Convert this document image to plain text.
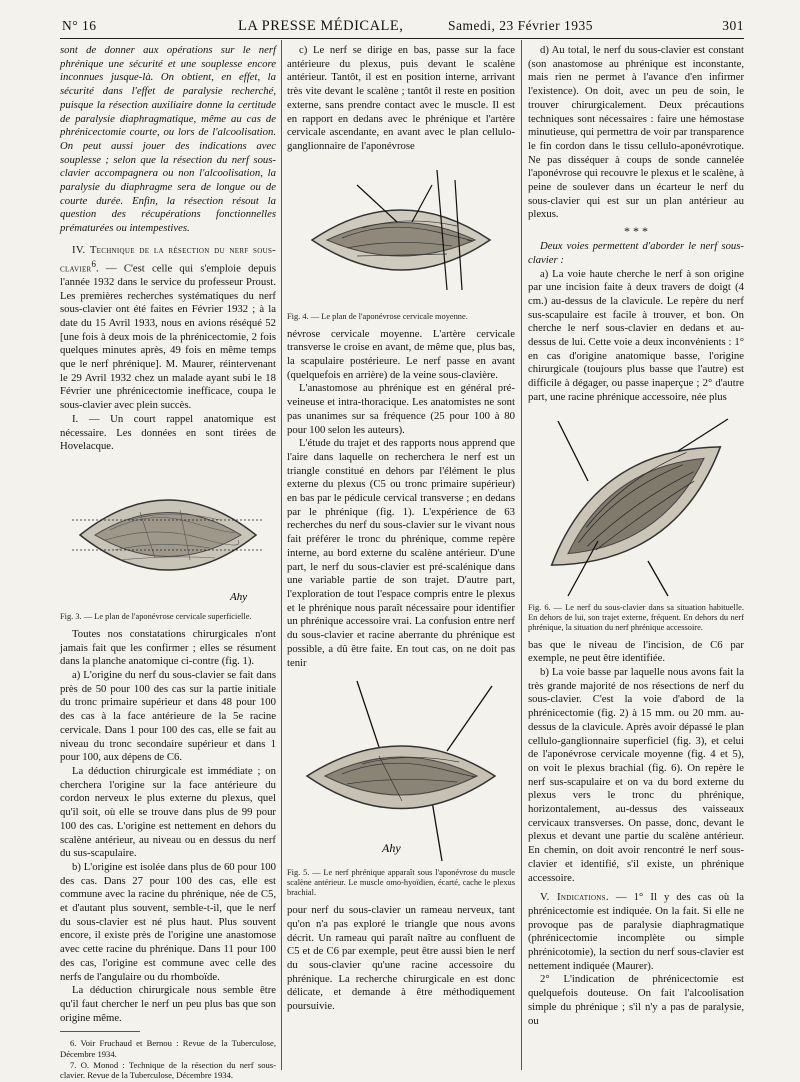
N° 16	LA PRESSE MÉDICALE,	Samedi, 23 Février 1935	301

sont de donner aux opérations sur le nerf phrénique une sécurité et une souplesse encore inconnues jusque-là. On obtient, en effet, la sécurité dans l'effet de paralysie recherché, puisque la résection auxiliaire donne la certitude de paralysie diaphragmatique, même au cas de phrénicectomie courte, ou lors de l'alcoolisation. On peut aussi jouer des indications avec souplesse ; selon que la résection du nerf sous-clavier accompagnera ou non l'alcoolisation, la paralysie du diaphragme sera de longue ou de courte durée. Enfin, la résection résout la question des récupérations fonctionnelles prématurées ou intempestives.

IV. Technique de la résection du nerf sous-clavier$^6$. — C'est celle qui s'emploie depuis l'année 1932 dans le service du professeur Proust. Les premières recherches systématiques du nerf sous-clavier ont été faites en Février 1932 ; à la date du 15 Avril 1933, nous en avions réséqué 52 [une fois à deux mois de la phrénicectomie, 2 fois quelques minutes après, 49 fois en même temps que le nerf phrénique]. M. Maurer, réintervenant le 29 Avril 1932 chez un malade ayant subi le 18 Février une phrénicectomie inefficace, coupa le sous-clavier avec plein succès.

I. — Un court rappel anatomique est nécessaire. Les données en sont tirées de Hovelacque.

Ahy

Fig. 3. — Le plan de l'aponévrose cervicale superficielle.

Toutes nos constatations chirurgicales n'ont jamais fait que les confirmer ; elles se résument dans la planche anatomique ci-contre (fig. 1).

a) L'origine du nerf du sous-clavier se fait dans près de 50 pour 100 des cas sur la partie initiale du tronc primaire supérieur et dans 48 pour 100 des cas à la face antérieure de la 5e racine cervicale. Dans 1 pour 100 des cas, elle se fait au niveau du tronc secondaire supérieur et dans 1 pour 100, aux dépens de C6.

La déduction chirurgicale est immédiate ; on cherchera l'origine sur la face antérieure du cordon nerveux le plus externe du plexus, quel qu'il soit, où elle se trouve dans plus de 99 pour 100 des cas. L'origine est nettement en dehors du scalène antérieur, au niveau ou en dessus du nerf du sus-scapulaire.

b) L'origine est isolée dans plus de 60 pour 100 des cas. Dans 27 pour 100 des cas, elle est commune avec la racine du phrénique, née de C5, et d'autant plus souvent, semble-t-il, que le nerf du sous-clavier est né plus haut. Plus souvent encore, il existe près de l'origine une anastomose avec cette racine du phrénique. Dans 11 pour 100 des cas, l'origine est commune avec celle des nerfs de l'angulaire ou du rhomboïde.

La déduction chirurgicale nous semble être qu'il faut chercher le nerf un peu plus bas que son origine même.

6. Voir Fruchaud et Bernou : Revue de la Tuberculose, Décembre 1934.

7. O. Monod : Technique de la résection du nerf sous-clavier. Revue de la Tuberculose, Décembre 1934.

c) Le nerf se dirige en bas, passe sur la face antérieure du plexus, puis devant le scalène antérieur. Tantôt, il est en position interne, arrivant très vite devant le scalène ; tantôt il reste en position externe, sans prendre contact avec le muscle. Il est en rapport en dedans avec le phrénique et l'artère cervicale ascendante, en avant avec le plan cellulo-ganglionnaire de l'aponévrose

Fig. 4. — Le plan de l'aponévrose cervicale moyenne.

névrose cervicale moyenne. L'artère cervicale transverse le croise en avant, de même que, plus bas, la scapulaire postérieure. Le nerf passe en avant (quelquefois en arrière) de la veine sous-clavière.

L'anastomose au phrénique est en général pré-veineuse et intra-thoracique. Les anatomistes ne sont pas unanimes sur sa fréquence (25 pour 100 à 80 pour 100 selon les auteurs).

L'étude du trajet et des rapports nous apprend que l'aire dans laquelle on recherchera le nerf est un triangle constitué en dehors par l'élément le plus externe du plexus (C5 ou tronc primaire supérieur) en bas par le pédicule cervical transverse ; en dedans par le phrénique (fig. 1). L'expérience de 63 recherches du nerf du sous-clavier sur le vivant nous fait préférer le tronc du phrénique, comme repère interne, au bord externe du scalène antérieur. D'une part, le nerf du sous-clavier est pré-scalénique dans une variable partie de son trajet. D'autre part, l'exploration de tout l'espace compris entre le plexus et le phrénique nous paraît nécessaire pour identifier un phrénique accessoire vrai. La confusion entre nerf du sous-clavier et racine aberrante du phrénique est possible, a dû être faite. En tout cas, on ne doit pas tenir

Ahy

Fig. 5. — Le nerf phrénique apparaît sous l'aponévrose du muscle scalène antérieur. Le muscle omo-hyoïdien, écarté, cache le plexus brachial.

pour nerf du sous-clavier un rameau nerveux, tant qu'on n'a pas exploré le triangle que nous avons décrit. Un rameau qui paraît naître au confluent de C5 et de C6 par exemple, peut être aussi bien le nerf du sous-clavier qu'une racine accessoire du phrénique. La recherche chirurgicale en est donc délicate, et demande à être méthodiquement poursuivie.

d) Au total, le nerf du sous-clavier est constant (son anastomose au phrénique est inconstante, mais rien ne permet à l'avance d'en infirmer l'existence). On doit, avec un peu de soin, le trouver chirurgicalement. Deux précautions techniques sont nécessaires : faire une hémostase minutieuse, qui permettra de voir par transparence le fin cordon dans le tissu cellulo-aponévrotique. Ne pas disséquer à coups de sonde cannelée l'aponévrose qui recouvre le plexus et le scalène, à peine de soulever dans un écarteur le nerf du sous-clavier qui est sur un plan antérieur au plexus.

* * *

Deux voies permettent d'aborder le nerf sous-clavier :

a) La voie haute cherche le nerf à son origine par une incision faite à deux travers de doigt (4 cm.) au-dessus de la clavicule. Le repère du nerf sus-scapulaire est facile à trouver, et bon. On cherche le nerf sous-clavier en dedans et au-dessus de lui. Cette voie a deux inconvénients : 1° en cas d'origine anatomique basse, l'origine chirurgicale (toujours plus basse que l'autre) est difficile à dégager, ou passe inaperçue ; 2° d'autre part, une racine phrénique accessoire, née plus

Fig. 6. — Le nerf du sous-clavier dans sa situation habituelle. En dehors de lui, son trajet externe, fréquent. En dehors du nerf phrénique, la situation du nerf phrénique accessoire.

bas que le niveau de l'incision, de C6 par exemple, ne peut être identifiée.

b) La voie basse par laquelle nous avons fait la très grande majorité de nos résections de nerf du sous-clavier. C'est la voie d'abord de la phrénicectomie (fig. 2) à 15 mm. ou 20 mm. au-dessus de la clavicule. Après avoir dépassé le plan cellulo-ganglionnaire superficiel (fig. 3), et celui de l'aponévrose cervicale moyenne (fig. 4 et 5), on voit le plexus brachial (fig. 6). On repère le nerf sus-scapulaire et on va du bord externe du plexus vers le tronc du phrénique, horizontalement, au-dessus des vaisseaux cervicaux transverses. On passe, donc, devant le plexus et devant une partie du scalène antérieur. En chemin, on doit avoir rencontré le nerf sous-clavier et identifié, s'il existe, un phrénique accessoire.

V. Indications. — 1° Il y des cas où la phrénicectomie est indiquée. On la fait. Si elle ne provoque pas de paralysie diaphragmatique (phrénicectomie incomplète ou simple phrénicotomie), la section du nerf sous-clavier est nettement indiquée (Maurer).

2° L'indication de phrénicectomie est quelquefois douteuse. On fait l'alcoolisation simple du phrénique ; s'il n'y a pas de paralysie, ou
